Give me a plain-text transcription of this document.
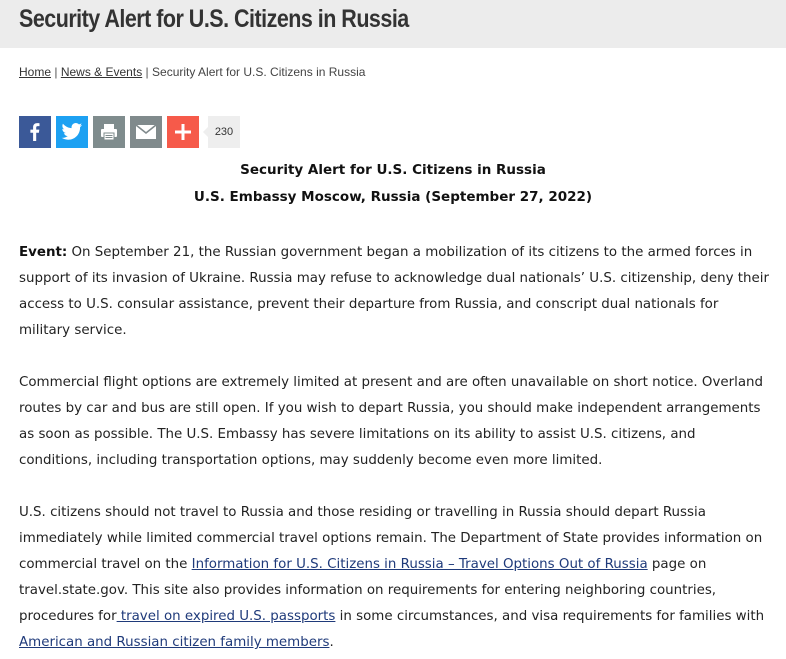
Security Alert for U.S. Citizens in Russia
Home | News & Events | Security Alert for U.S. Citizens in Russia
230
Security Alert for U.S. Citizens in Russia
U.S. Embassy Moscow, Russia (September 27, 2022)

Event: On September 21, the Russian government began a mobilization of its citizens to the armed forces in support of its invasion of Ukraine. Russia may refuse to acknowledge dual nationals’ U.S. citizenship, deny their access to U.S. consular assistance, prevent their departure from Russia, and conscript dual nationals for military service.

Commercial flight options are extremely limited at present and are often unavailable on short notice. Overland routes by car and bus are still open. If you wish to depart Russia, you should make independent arrangements as soon as possible. The U.S. Embassy has severe limitations on its ability to assist U.S. citizens, and conditions, including transportation options, may suddenly become even more limited.

U.S. citizens should not travel to Russia and those residing or travelling in Russia should depart Russia immediately while limited commercial travel options remain. The Department of State provides information on commercial travel on the Information for U.S. Citizens in Russia – Travel Options Out of Russia page on travel.state.gov. This site also provides information on requirements for entering neighboring countries, procedures for travel on expired U.S. passports in some circumstances, and visa requirements for families with American and Russian citizen family members.
